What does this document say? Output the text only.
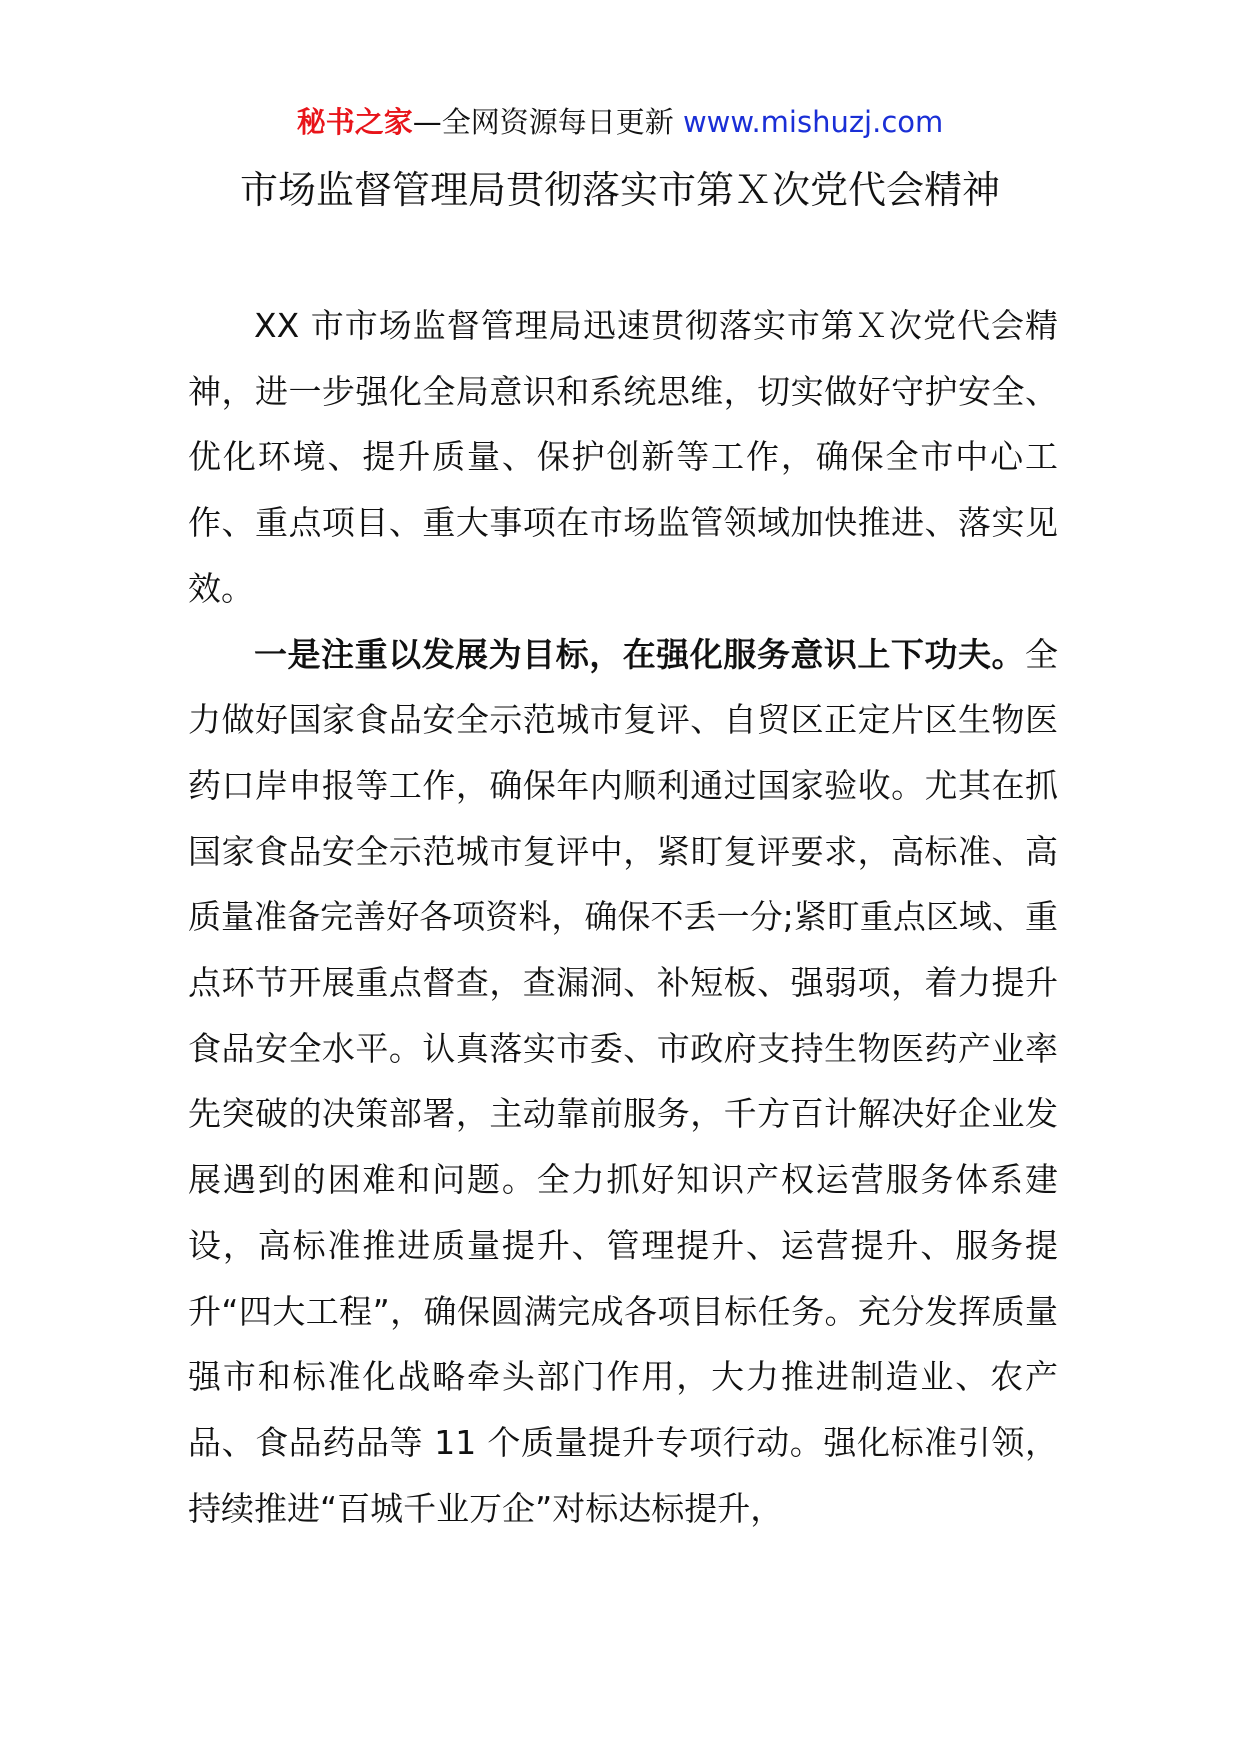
秘书之家—全网资源每日更新 www.mishuzj.com
市场监督管理局贯彻落实市第Ｘ次党代会精神

XX 市市场监督管理局迅速贯彻落实市第Ｘ次党代会精神，进一步强化全局意识和系统思维，切实做好守护安全、优化环境、提升质量、保护创新等工作，确保全市中心工作、重点项目、重大事项在市场监管领域加快推进、落实见效。

一是注重以发展为目标，在强化服务意识上下功夫。全力做好国家食品安全示范城市复评、自贸区正定片区生物医药口岸申报等工作，确保年内顺利通过国家验收。尤其在抓国家食品安全示范城市复评中，紧盯复评要求，高标准、高质量准备完善好各项资料，确保不丢一分;紧盯重点区域、重点环节开展重点督查，查漏洞、补短板、强弱项，着力提升食品安全水平。认真落实市委、市政府支持生物医药产业率先突破的决策部署，主动靠前服务，千方百计解决好企业发展遇到的困难和问题。全力抓好知识产权运营服务体系建设，高标准推进质量提升、管理提升、运营提升、服务提升“四大工程”，确保圆满完成各项目标任务。充分发挥质量强市和标准化战略牵头部门作用，大力推进制造业、农产品、食品药品等 11 个质量提升专项行动。强化标准引领，持续推进“百城千业万企”对标达标提升，
